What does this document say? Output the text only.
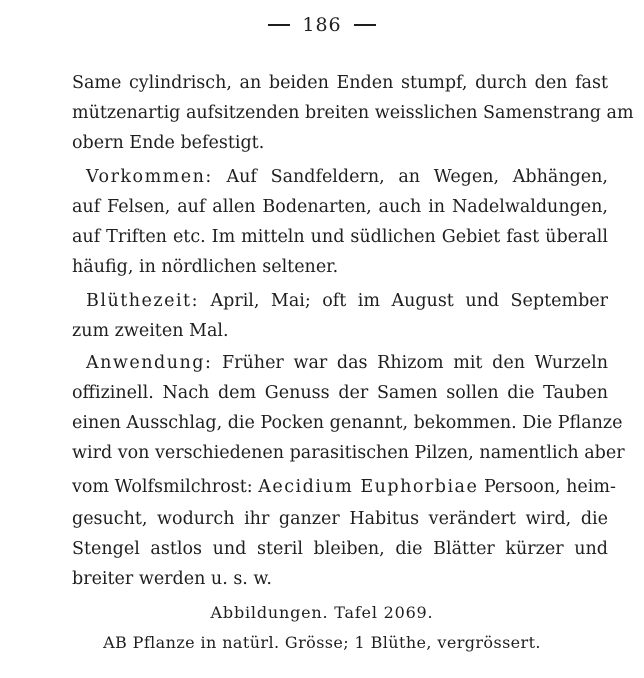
186
Same cylindrisch, an beiden Enden stumpf, durch den fast
mützenartig aufsitzenden breiten weisslichen Samenstrang am
obern Ende befestigt.
Vorkommen: Auf Sandfeldern, an Wegen, Abhängen,
auf Felsen, auf allen Bodenarten, auch in Nadelwaldungen,
auf Triften etc. Im mitteln und südlichen Gebiet fast überall
häufig, in nördlichen seltener.
Blüthezeit: April, Mai; oft im August und September
zum zweiten Mal.
Anwendung: Früher war das Rhizom mit den Wurzeln
offizinell. Nach dem Genuss der Samen sollen die Tauben
einen Ausschlag, die Pocken genannt, bekommen. Die Pflanze
wird von verschiedenen parasitischen Pilzen, namentlich aber
vom Wolfsmilchrost: Aecidium Euphorbiae Persoon, heim-
gesucht, wodurch ihr ganzer Habitus verändert wird, die
Stengel astlos und steril bleiben, die Blätter kürzer und
breiter werden u. s. w.
Abbildungen. Tafel 2069.
AB Pflanze in natürl. Grösse; 1 Blüthe, vergrössert.
